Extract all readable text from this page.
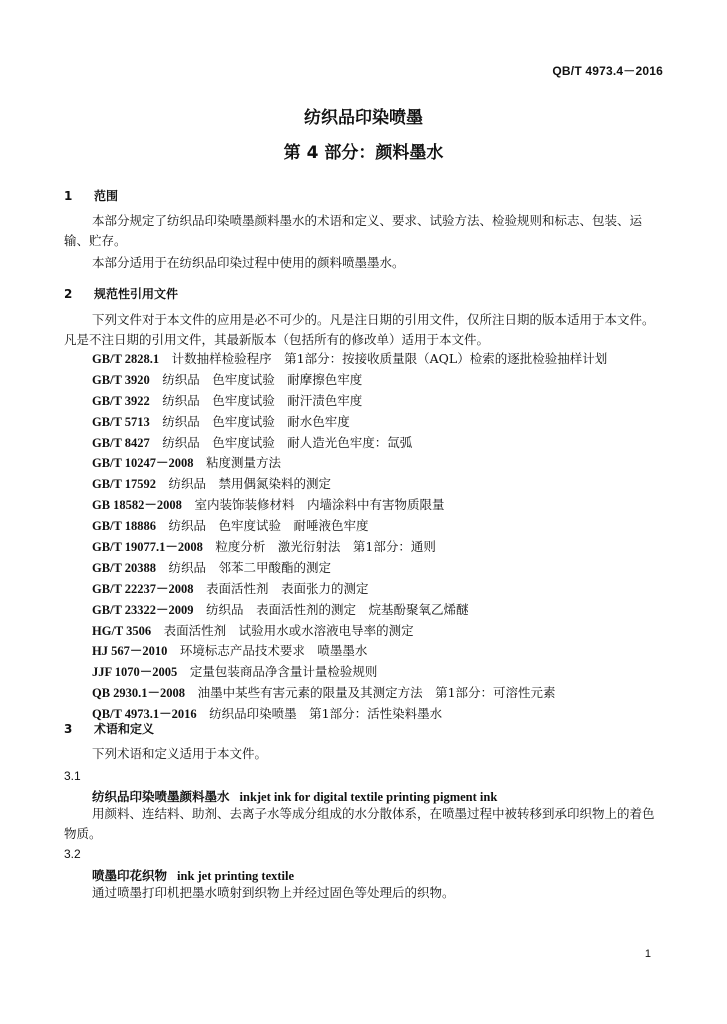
QB/T 4973.4－2016
纺织品印染喷墨
第 4 部分：颜料墨水
1 范围
本部分规定了纺织品印染喷墨颜料墨水的术语和定义、要求、试验方法、检验规则和标志、包装、运输、贮存。
本部分适用于在纺织品印染过程中使用的颜料喷墨墨水。
2 规范性引用文件
下列文件对于本文件的应用是必不可少的。凡是注日期的引用文件，仅所注日期的版本适用于本文件。凡是不注日期的引用文件，其最新版本（包括所有的修改单）适用于本文件。
GB/T 2828.1　 计数抽样检验程序　第1部分：按接收质量限（AQL）检索的逐批检验抽样计划
GB/T 3920　 纺织品　色牢度试验　耐摩擦色牢度
GB/T 3922　 纺织品　色牢度试验　耐汗渍色牢度
GB/T 5713　 纺织品　色牢度试验　耐水色牢度
GB/T 8427　 纺织品　色牢度试验　耐人造光色牢度：氙弧
GB/T 10247－2008　 粘度测量方法
GB/T 17592　 纺织品　禁用偶氮染料的测定
GB 18582－2008　 室内装饰装修材料　内墙涂料中有害物质限量
GB/T 18886　 纺织品　色牢度试验　耐唾液色牢度
GB/T 19077.1－2008　 粒度分析　激光衍射法　第1部分：通则
GB/T 20388　 纺织品　邻苯二甲酸酯的测定
GB/T 22237－2008　 表面活性剂　表面张力的测定
GB/T 23322－2009　 纺织品　表面活性剂的测定　烷基酚聚氧乙烯醚
HG/T 3506　 表面活性剂　试验用水或水溶液电导率的测定
HJ 567－2010　 环境标志产品技术要求　喷墨墨水
JJF 1070－2005　 定量包装商品净含量计量检验规则
QB 2930.1－2008　 油墨中某些有害元素的限量及其测定方法　第1部分：可溶性元素
QB/T 4973.1－2016　 纺织品印染喷墨　第1部分：活性染料墨水
3 术语和定义
下列术语和定义适用于本文件。
3.1
纺织品印染喷墨颜料墨水 inkjet ink for digital textile printing pigment ink
用颜料、连结料、助剂、去离子水等成分组成的水分散体系，在喷墨过程中被转移到承印织物上的着色物质。
3.2
喷墨印花织物 ink jet printing textile
通过喷墨打印机把墨水喷射到织物上并经过固色等处理后的织物。
1
